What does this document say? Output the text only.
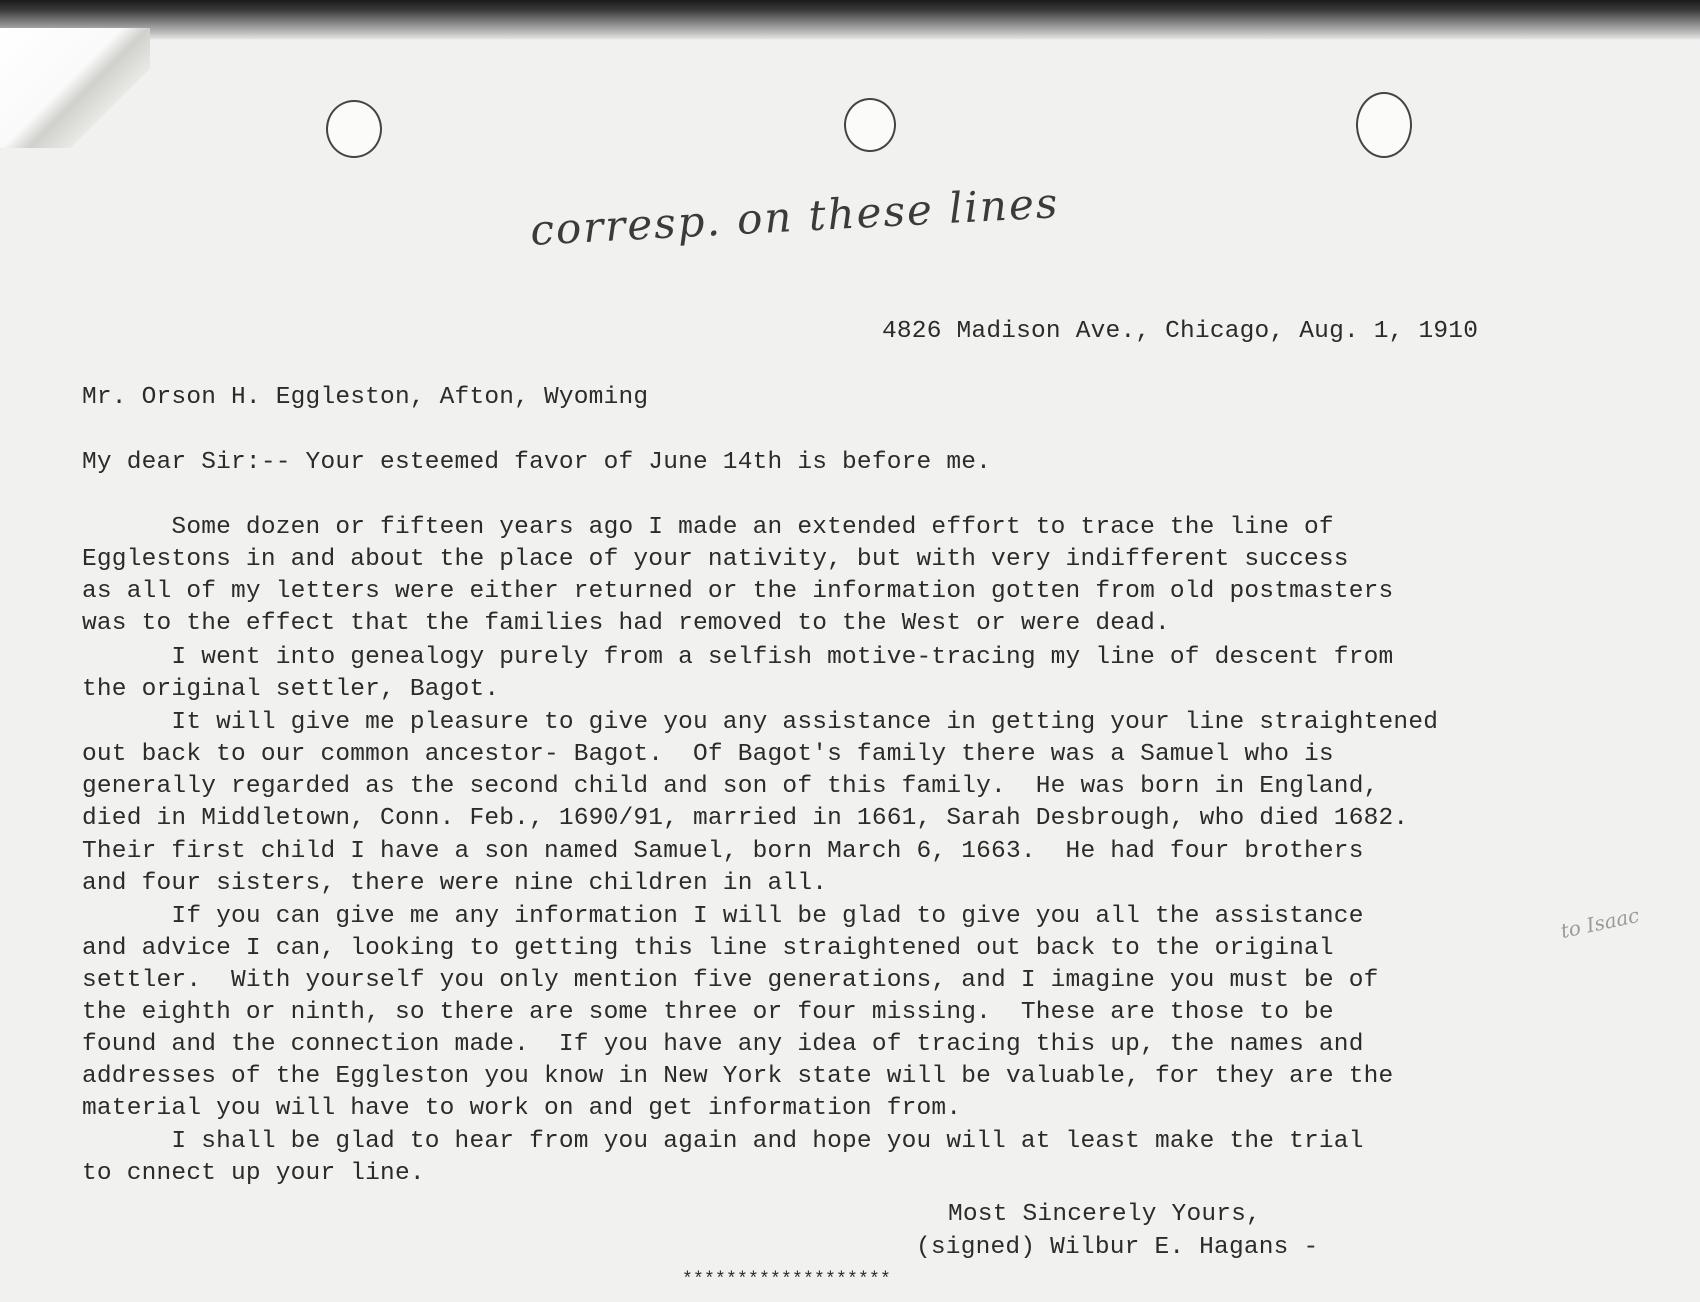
corresp. on these lines
to Isaac
4826 Madison Ave., Chicago, Aug. 1, 1910
Mr. Orson H. Eggleston, Afton, Wyoming
My dear Sir:-- Your esteemed favor of June 14th is before me.
Some dozen or fifteen years ago I made an extended effort to trace the line of
Egglestons in and about the place of your nativity, but with very indifferent success
as all of my letters were either returned or the information gotten from old postmasters
was to the effect that the families had removed to the West or were dead.
I went into genealogy purely from a selfish motive-tracing my line of descent from
the original settler, Bagot.
It will give me pleasure to give you any assistance in getting your line straightened
out back to our common ancestor- Bagot.  Of Bagot's family there was a Samuel who is
generally regarded as the second child and son of this family.  He was born in England,
died in Middletown, Conn. Feb., 1690/91, married in 1661, Sarah Desbrough, who died 1682.
Their first child I have a son named Samuel, born March 6, 1663.  He had four brothers
and four sisters, there were nine children in all.
If you can give me any information I will be glad to give you all the assistance
and advice I can, looking to getting this line straightened out back to the original
settler.  With yourself you only mention five generations, and I imagine you must be of
the eighth or ninth, so there are some three or four missing.  These are those to be
found and the connection made.  If you have any idea of tracing this up, the names and
addresses of the Eggleston you know in New York state will be valuable, for they are the
material you will have to work on and get information from.
I shall be glad to hear from you again and hope you will at least make the trial
to cnnect up your line.
Most Sincerely Yours,
(signed) Wilbur E. Hagans -
*******************
